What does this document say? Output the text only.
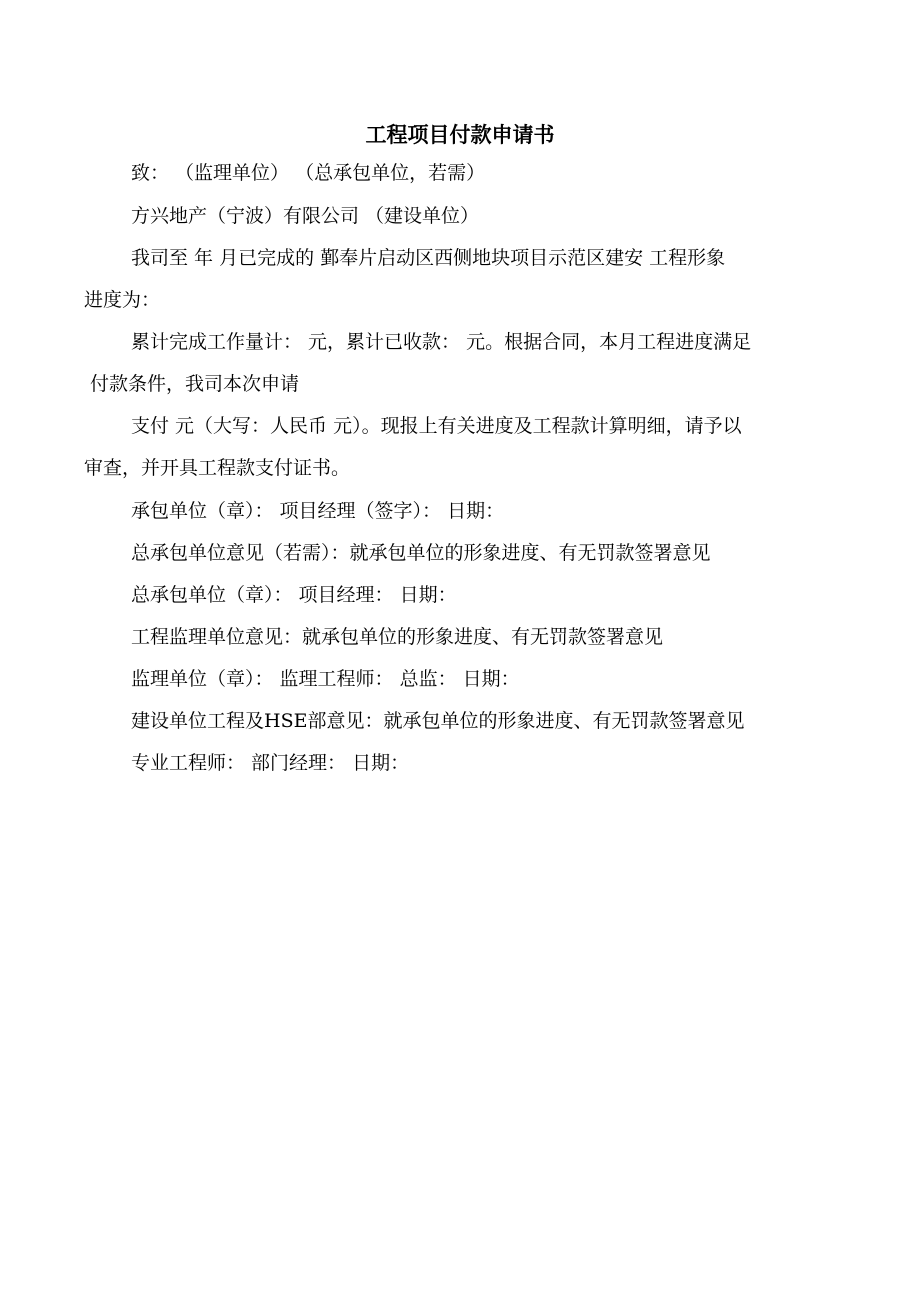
工程项目付款申请书
致： （监理单位） （总承包单位，若需）
方兴地产（宁波）有限公司 （建设单位）
我司至 年 月已完成的 鄞奉片启动区西侧地块项目示范区建安 工程形象
进度为：
累计完成工作量计： 元，累计已收款： 元。根据合同，本月工程进度满足
付款条件，我司本次申请
支付 元（大写：人民币 元）。现报上有关进度及工程款计算明细，请予以
审查，并开具工程款支付证书。
承包单位（章）： 项目经理（签字）： 日期：
总承包单位意见（若需）：就承包单位的形象进度、有无罚款签署意见
总承包单位（章）： 项目经理： 日期：
工程监理单位意见：就承包单位的形象进度、有无罚款签署意见
监理单位（章）： 监理工程师： 总监： 日期：
建设单位工程及HSE部意见：就承包单位的形象进度、有无罚款签署意见
专业工程师： 部门经理： 日期：
